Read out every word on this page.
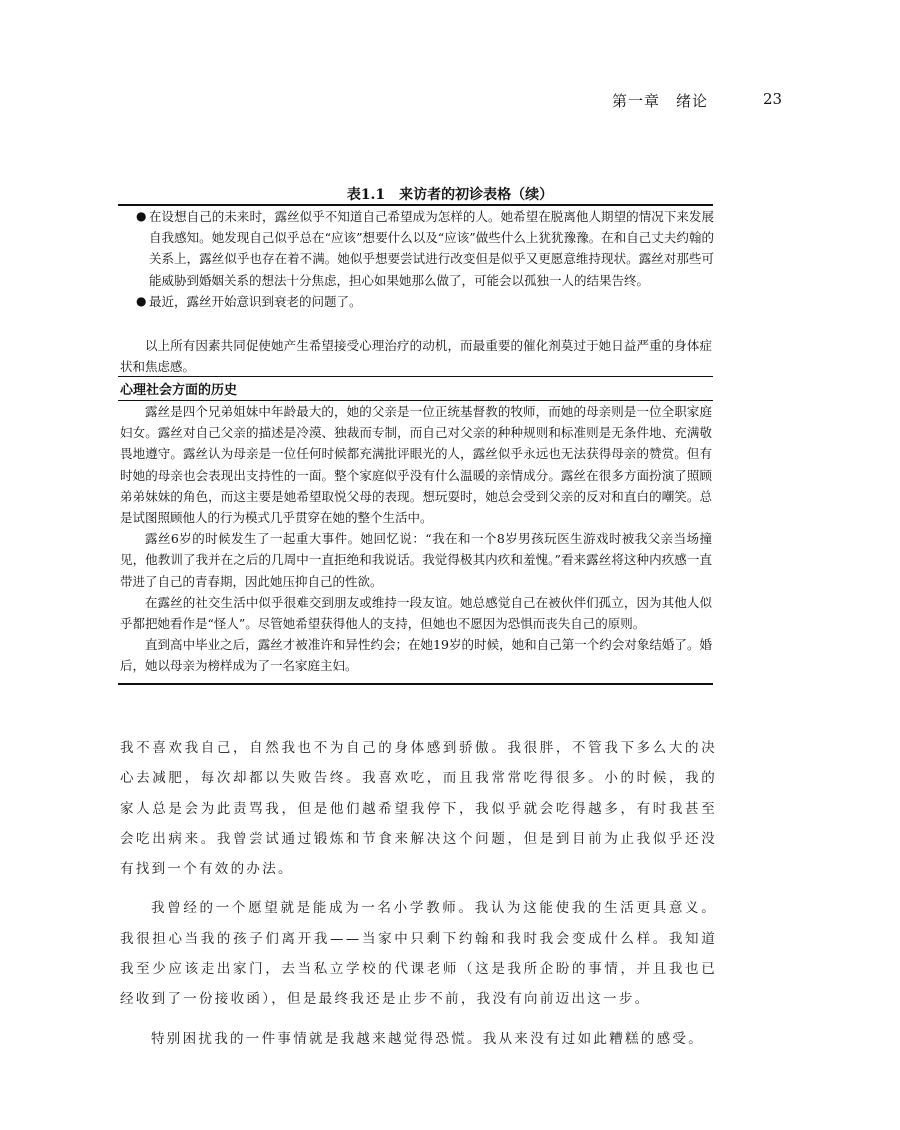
第一章　绪论	23
表1.1　来访者的初诊表格（续）

● 在设想自己的未来时，露丝似乎不知道自己希望成为怎样的人。她希望在脱离他人期望的情况下来发展自我感知。她发现自己似乎总在“应该”想要什么以及“应该”做些什么上犹犹豫豫。在和自己丈夫约翰的关系上，露丝似乎也存在着不满。她似乎想要尝试进行改变但是似乎又更愿意维持现状。露丝对那些可能威胁到婚姻关系的想法十分焦虑，担心如果她那么做了，可能会以孤独一人的结果告终。

● 最近，露丝开始意识到衰老的问题了。

以上所有因素共同促使她产生希望接受心理治疗的动机，而最重要的催化剂莫过于她日益严重的身体症状和焦虑感。

心理社会方面的历史

露丝是四个兄弟姐妹中年龄最大的，她的父亲是一位正统基督教的牧师，而她的母亲则是一位全职家庭妇女。露丝对自己父亲的描述是冷漠、独裁而专制，而自己对父亲的种种规则和标准则是无条件地、充满敬畏地遵守。露丝认为母亲是一位任何时候都充满批评眼光的人，露丝似乎永远也无法获得母亲的赞赏。但有时她的母亲也会表现出支持性的一面。整个家庭似乎没有什么温暖的亲情成分。露丝在很多方面扮演了照顾弟弟妹妹的角色，而这主要是她希望取悦父母的表现。想玩耍时，她总会受到父亲的反对和直白的嘲笑。总是试图照顾他人的行为模式几乎贯穿在她的整个生活中。

露丝6岁的时候发生了一起重大事件。她回忆说：“我在和一个8岁男孩玩医生游戏时被我父亲当场撞见，他教训了我并在之后的几周中一直拒绝和我说话。我觉得极其内疚和羞愧。”看来露丝将这种内疚感一直带进了自己的青春期，因此她压抑自己的性欲。

在露丝的社交生活中似乎很难交到朋友或维持一段友谊。她总感觉自己在被伙伴们孤立，因为其他人似乎都把她看作是“怪人”。尽管她希望获得他人的支持，但她也不愿因为恐惧而丧失自己的原则。

直到高中毕业之后，露丝才被准许和异性约会；在她19岁的时候，她和自己第一个约会对象结婚了。婚后，她以母亲为榜样成为了一名家庭主妇。

我不喜欢我自己，自然我也不为自己的身体感到骄傲。我很胖，不管我下多么大的决心去减肥，每次却都以失败告终。我喜欢吃，而且我常常吃得很多。小的时候，我的家人总是会为此责骂我，但是他们越希望我停下，我似乎就会吃得越多，有时我甚至会吃出病来。我曾尝试通过锻炼和节食来解决这个问题，但是到目前为止我似乎还没有找到一个有效的办法。

我曾经的一个愿望就是能成为一名小学教师。我认为这能使我的生活更具意义。我很担心当我的孩子们离开我——当家中只剩下约翰和我时我会变成什么样。我知道我至少应该走出家门，去当私立学校的代课老师（这是我所企盼的事情，并且我也已经收到了一份接收函），但是最终我还是止步不前，我没有向前迈出这一步。

特别困扰我的一件事情就是我越来越觉得恐慌。我从来没有过如此糟糕的感受。
